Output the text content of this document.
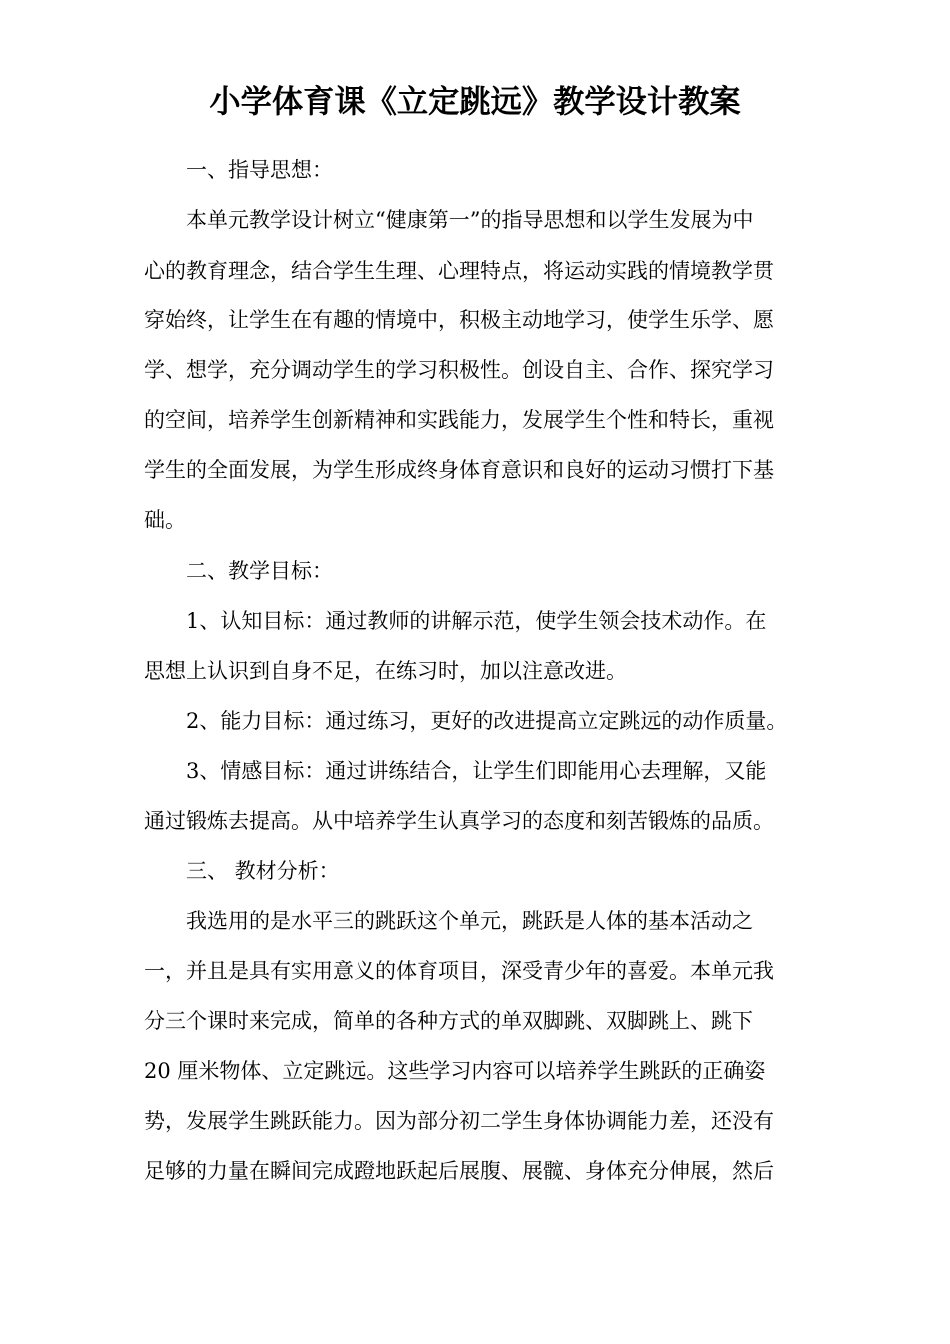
小学体育课《立定跳远》教学设计教案
一、指导思想：
本单元教学设计树立“健康第一”的指导思想和以学生发展为中
心的教育理念，结合学生生理、心理特点，将运动实践的情境教学贯
穿始终，让学生在有趣的情境中，积极主动地学习，使学生乐学、愿
学、想学，充分调动学生的学习积极性。创设自主、合作、探究学习
的空间，培养学生创新精神和实践能力，发展学生个性和特长，重视
学生的全面发展，为学生形成终身体育意识和良好的运动习惯打下基
础。
二、教学目标：
1、认知目标：通过教师的讲解示范，使学生领会技术动作。在
思想上认识到自身不足，在练习时，加以注意改进。
2、能力目标：通过练习，更好的改进提高立定跳远的动作质量。
3、情感目标：通过讲练结合，让学生们即能用心去理解，又能
通过锻炼去提高。从中培养学生认真学习的态度和刻苦锻炼的品质。
三、 教材分析：
我选用的是水平三的跳跃这个单元，跳跃是人体的基本活动之
一，并且是具有实用意义的体育项目，深受青少年的喜爱。本单元我
分三个课时来完成，简单的各种方式的单双脚跳、双脚跳上、跳下
20 厘米物体、立定跳远。这些学习内容可以培养学生跳跃的正确姿
势，发展学生跳跃能力。因为部分初二学生身体协调能力差，还没有
足够的力量在瞬间完成蹬地跃起后展腹、展髋、身体充分伸展，然后
